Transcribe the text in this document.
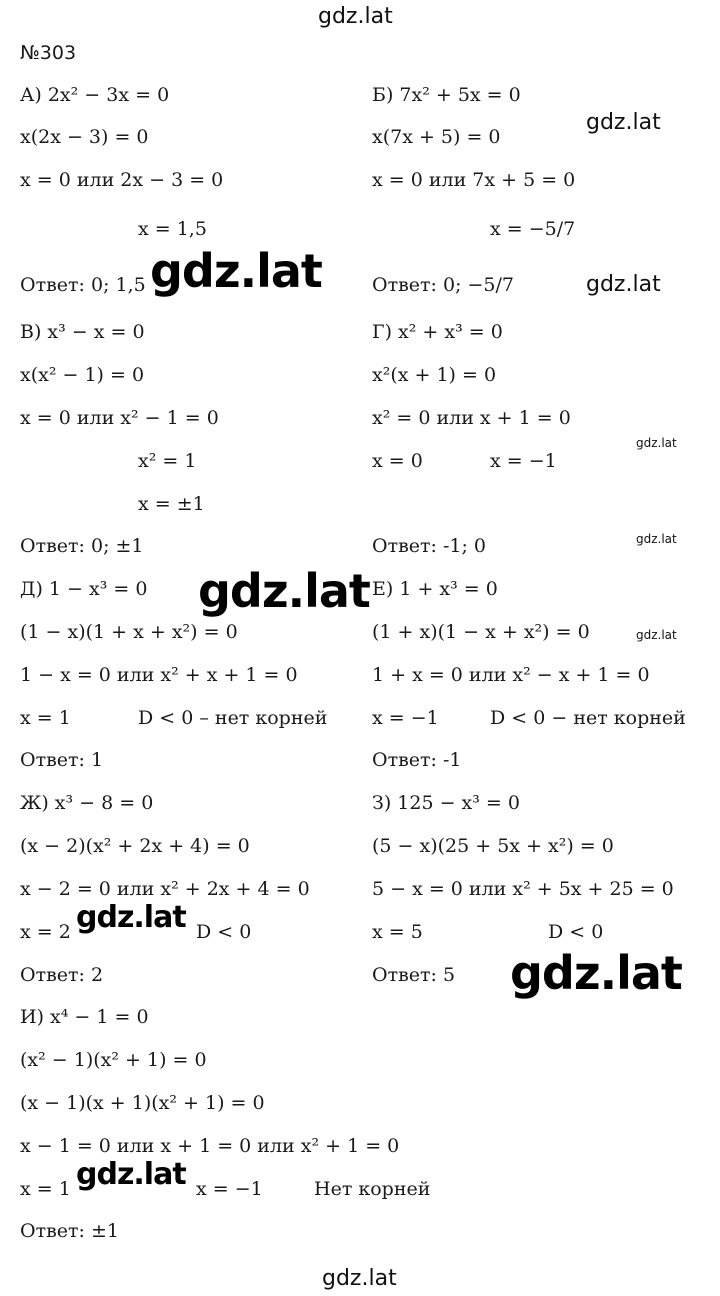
gdz.lat
№303
А) 2x² − 3x = 0
x(2x − 3) = 0
x = 0 или 2x − 3 = 0
x = 1,5
Ответ: 0; 1,5
Б) 7x² + 5x = 0
x(7x + 5) = 0
x = 0 или 7x + 5 = 0
x = −5/7
Ответ: 0; −5/7
В) x³ − x = 0
x(x² − 1) = 0
x = 0 или x² − 1 = 0
x² = 1
x = ±1
Ответ: 0; ±1
Г) x² + x³ = 0
x²(x + 1) = 0
x² = 0 или x + 1 = 0
x = 0	x = −1
Ответ: -1; 0
Д) 1 − x³ = 0
(1 − x)(1 + x + x²) = 0
1 − x = 0 или x² + x + 1 = 0
x = 1	D < 0 – нет корней
Ответ: 1
Е) 1 + x³ = 0
(1 + x)(1 − x + x²) = 0
1 + x = 0 или x² − x + 1 = 0
x = −1	D < 0 − нет корней
Ответ: -1
Ж) x³ − 8 = 0
(x − 2)(x² + 2x + 4) = 0
x − 2 = 0 или x² + 2x + 4 = 0
x = 2	D < 0
Ответ: 2
З) 125 − x³ = 0
(5 − x)(25 + 5x + x²) = 0
5 − x = 0 или x² + 5x + 25 = 0
x = 5	D < 0
Ответ: 5
И) x⁴ − 1 = 0
(x² − 1)(x² + 1) = 0
(x − 1)(x + 1)(x² + 1) = 0
x − 1 = 0 или x + 1 = 0 или x² + 1 = 0
x = 1	x = −1	Нет корней
Ответ: ±1
gdz.lat
gdz.lat	gdz.lat
gdz.lat
gdz.lat
gdz.lat
gdz.lat
gdz.lat
gdz.lat
gdz.lat
gdz.lat
